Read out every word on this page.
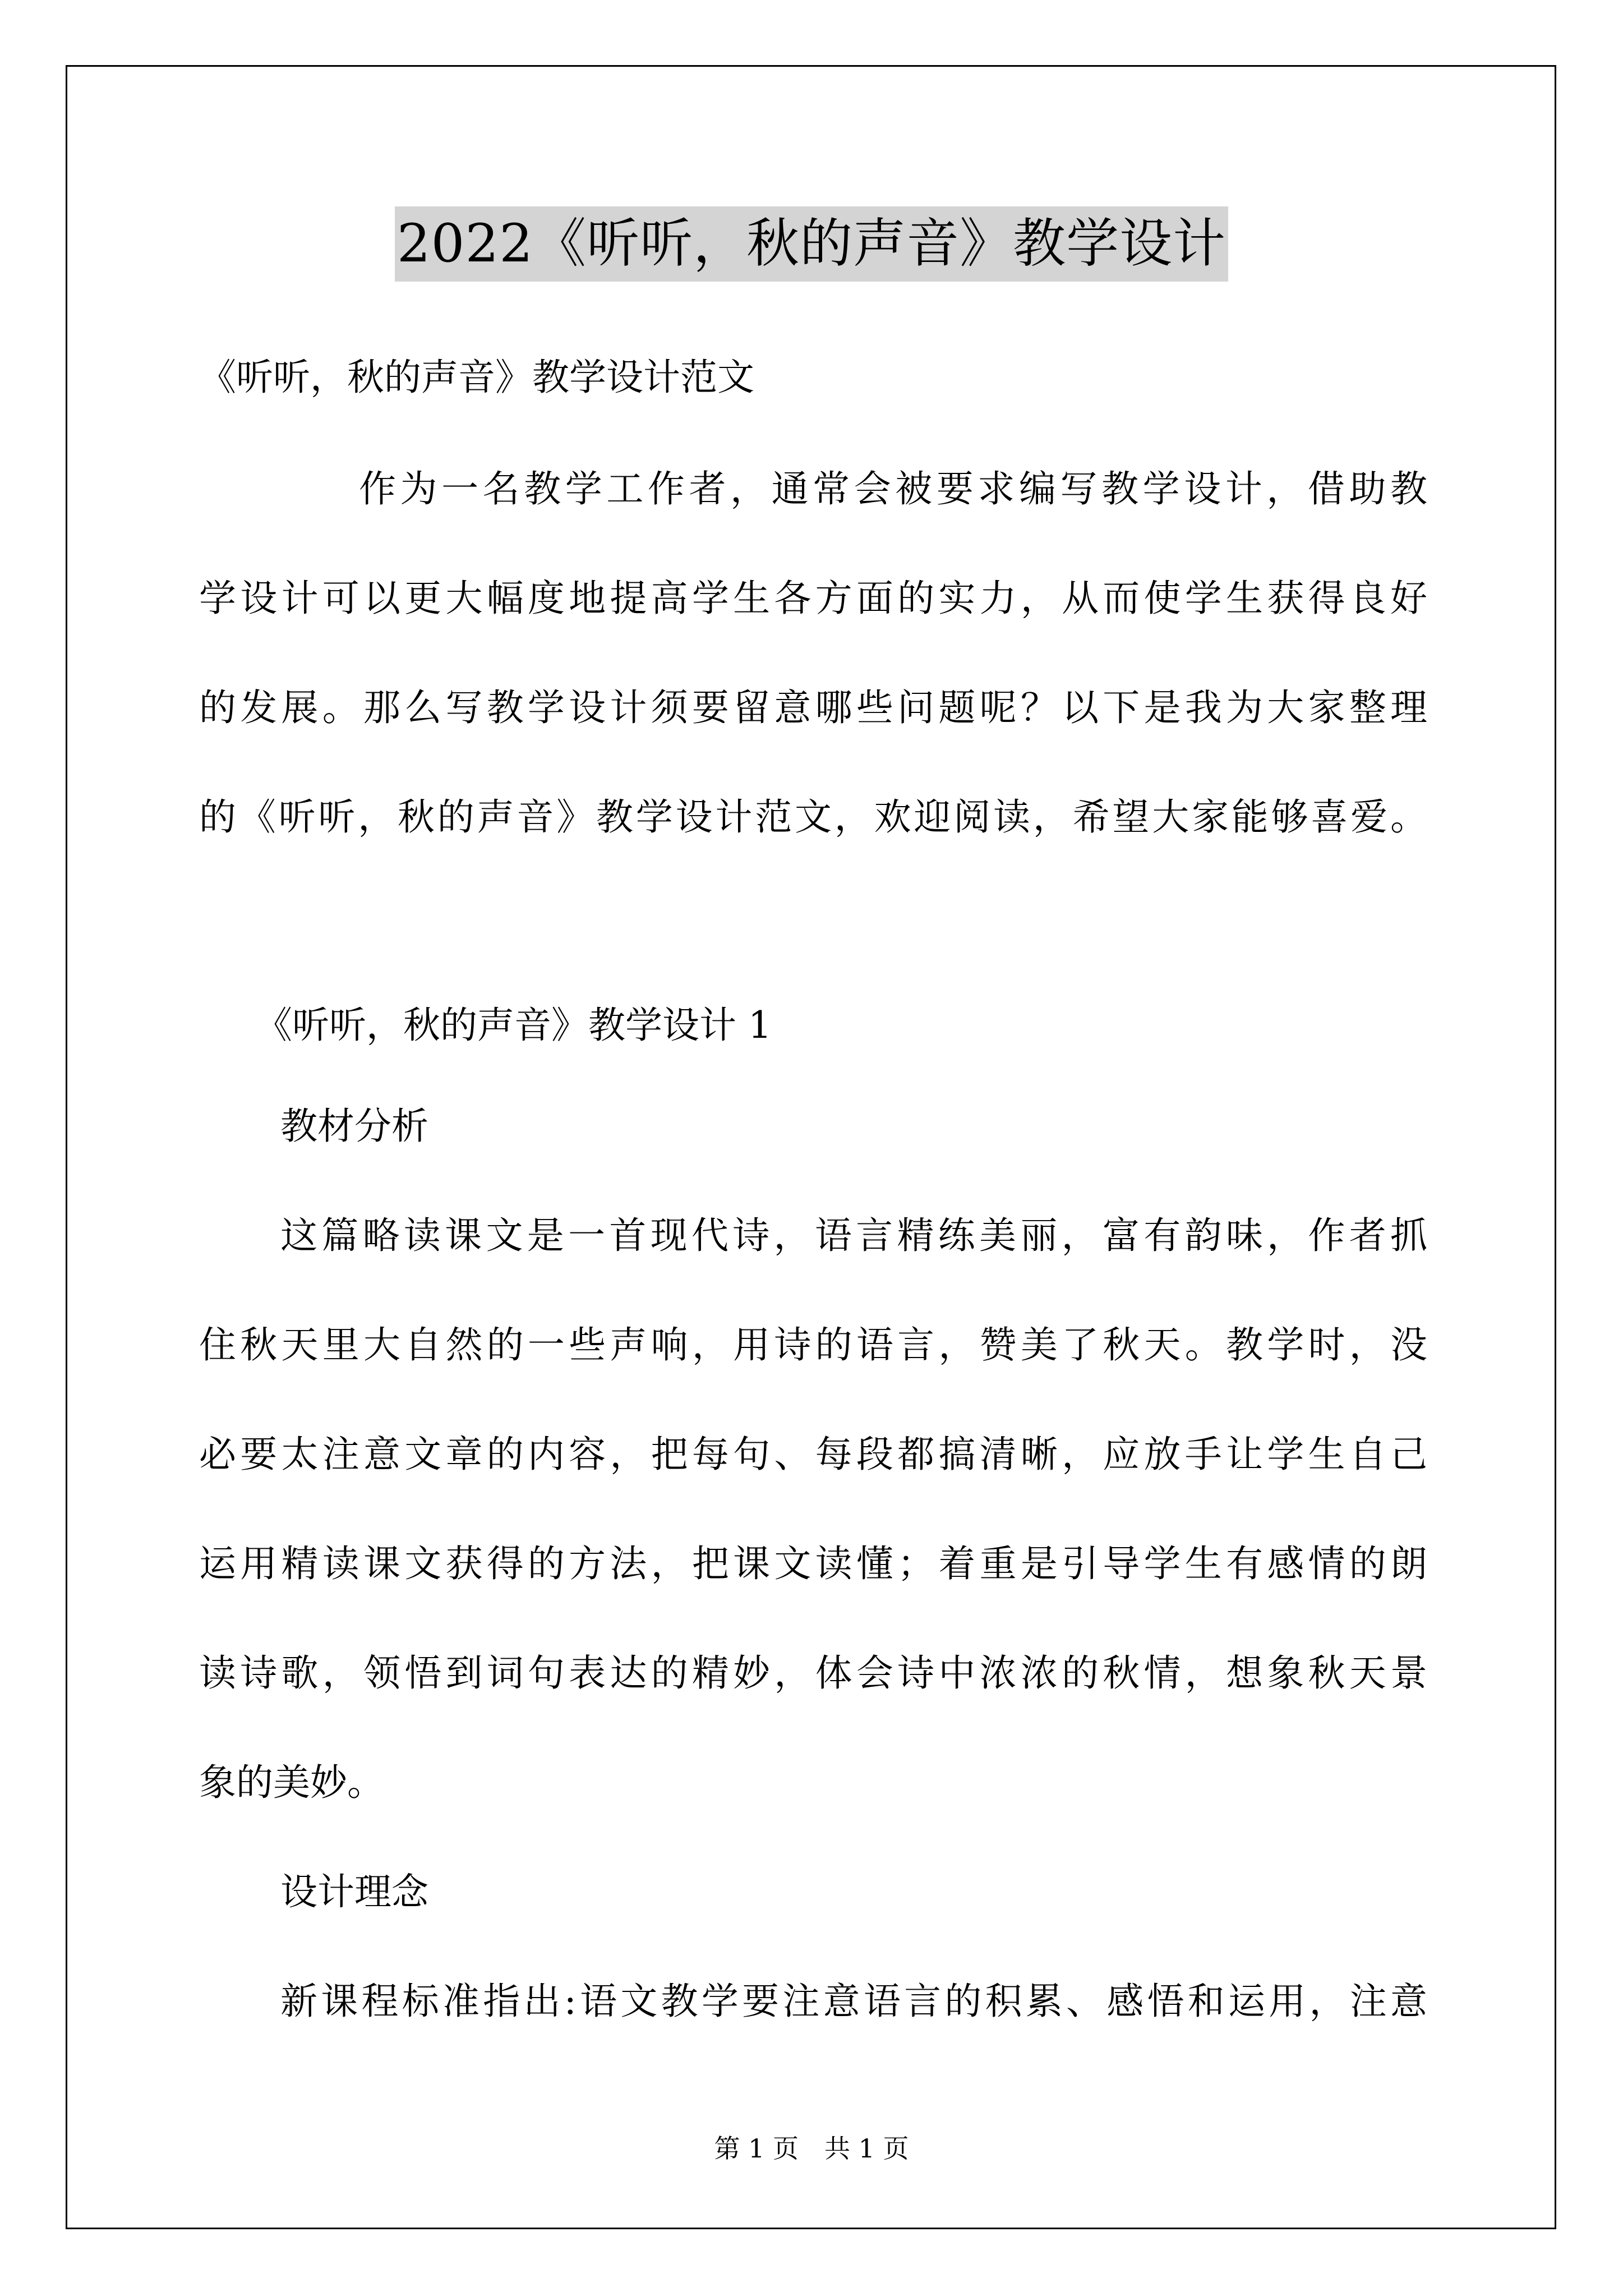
2022《听听，秋的声音》教学设计
《听听，秋的声音》教学设计范文
作为一名教学工作者，通常会被要求编写教学设计，借助教
学设计可以更大幅度地提高学生各方面的实力，从而使学生获得良好
的发展。那么写教学设计须要留意哪些问题呢？以下是我为大家整理
的《听听，秋的声音》教学设计范文，欢迎阅读，希望大家能够喜爱。
《听听，秋的声音》教学设计 1
教材分析
这篇略读课文是一首现代诗，语言精练美丽，富有韵味，作者抓
住秋天里大自然的一些声响，用诗的语言，赞美了秋天。教学时，没
必要太注意文章的内容，把每句、每段都搞清晰，应放手让学生自己
运用精读课文获得的方法，把课文读懂；着重是引导学生有感情的朗
读诗歌，领悟到词句表达的精妙，体会诗中浓浓的秋情，想象秋天景
象的美妙。
设计理念
新课程标准指出:语文教学要注意语言的积累、感悟和运用，注意
第 1 页　共 1 页
